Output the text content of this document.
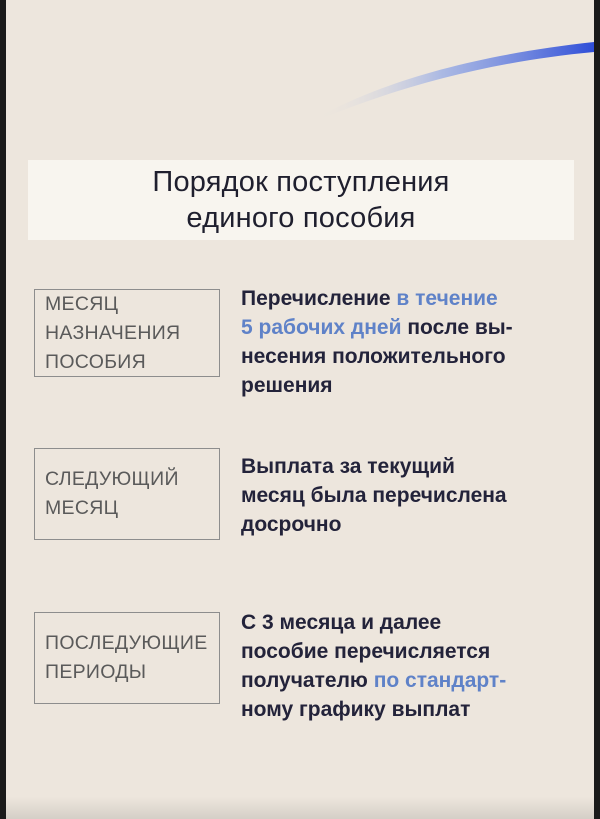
Порядок поступления
единого пособия
МЕСЯЦ
НАЗНАЧЕНИЯ
ПОСОБИЯ
Перечисление в течение
5 рабочих дней после вы-
несения положительного
решения
СЛЕДУЮЩИЙ
МЕСЯЦ
Выплата за текущий
месяц была перечислена
досрочно
ПОСЛЕДУЮЩИЕ
ПЕРИОДЫ
С 3 месяца и далее
пособие перечисляется
получателю по стандарт-
ному графику выплат
